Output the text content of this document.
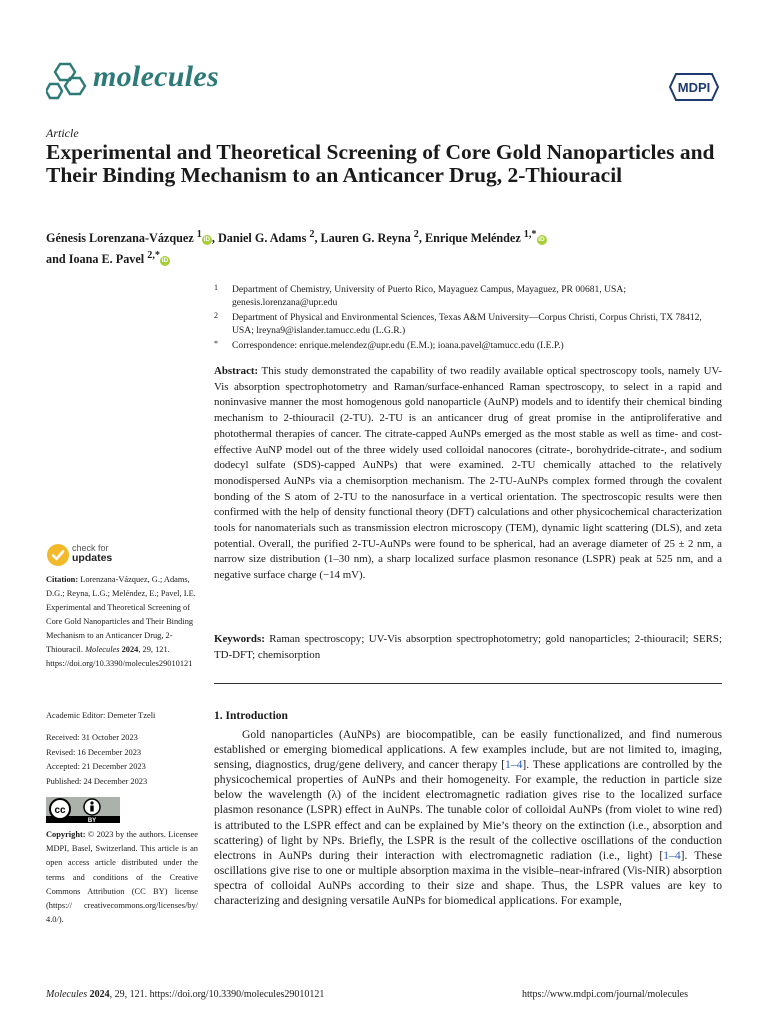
molecules	MDPI
Article
Experimental and Theoretical Screening of Core Gold Nanoparticles and Their Binding Mechanism to an Anticancer Drug, 2-Thiouracil
Génesis Lorenzana-Vázquez $^1$ iD , Daniel G. Adams $^2$, Lauren G. Reyna $^2$, Enrique Meléndez $^{1,*}$ iD
and Ioana E. Pavel $^{2,*}$ iD
1 Department of Chemistry, University of Puerto Rico, Mayaguez Campus, Mayaguez, PR 00681, USA; genesis.lorenzana@upr.edu
2 Department of Physical and Environmental Sciences, Texas A&M University—Corpus Christi, Corpus Christi, TX 78412, USA; lreyna9@islander.tamucc.edu (L.G.R.)
* Correspondence: enrique.melendez@upr.edu (E.M.); ioana.pavel@tamucc.edu (I.E.P.)
Abstract: This study demonstrated the capability of two readily available optical spectroscopy tools, namely UV-Vis absorption spectrophotometry and Raman/surface-enhanced Raman spectroscopy, to select in a rapid and noninvasive manner the most homogenous gold nanoparticle (AuNP) models and to identify their chemical binding mechanism to 2-thiouracil (2-TU). 2-TU is an anticancer drug of great promise in the antiproliferative and photothermal therapies of cancer. The citrate-capped AuNPs emerged as the most stable as well as time- and cost-effective AuNP model out of the three widely used colloidal nanocores (citrate-, borohydride-citrate-, and sodium dodecyl sulfate (SDS)-capped AuNPs) that were examined. 2-TU chemically attached to the relatively monodispersed AuNPs via a chemisorption mechanism. The 2-TU-AuNPs complex formed through the covalent bonding of the S atom of 2-TU to the nanosurface in a vertical orientation. The spectroscopic results were then confirmed with the help of density functional theory (DFT) calculations and other physicochemical characterization tools for nanomaterials such as transmission electron microscopy (TEM), dynamic light scattering (DLS), and zeta potential. Overall, the purified 2-TU-AuNPs were found to be spherical, had an average diameter of 25 ± 2 nm, a narrow size distribution (1–30 nm), a sharp localized surface plasmon resonance (LSPR) peak at 525 nm, and a negative surface charge (−14 mV).
Keywords: Raman spectroscopy; UV-Vis absorption spectrophotometry; gold nanoparticles; 2-thiouracil; SERS; TD-DFT; chemisorption
1. Introduction
Gold nanoparticles (AuNPs) are biocompatible, can be easily functionalized, and find numerous established or emerging biomedical applications. A few examples include, but are not limited to, imaging, sensing, diagnostics, drug/gene delivery, and cancer therapy [1–4]. These applications are controlled by the physicochemical properties of AuNPs and their homogeneity. For example, the reduction in particle size below the wavelength (λ) of the incident electromagnetic radiation gives rise to the localized surface plasmon resonance (LSPR) effect in AuNPs. The tunable color of colloidal AuNPs (from violet to wine red) is attributed to the LSPR effect and can be explained by Mie’s theory on the extinction (i.e., absorption and scattering) of light by NPs. Briefly, the LSPR is the result of the collective oscillations of the conduction electrons in AuNPs during their interaction with electromagnetic radiation (i.e., light) [1–4]. These oscillations give rise to one or multiple absorption maxima in the visible–near-infrared (Vis-NIR) absorption spectra of colloidal AuNPs according to their size and shape. Thus, the LSPR values are key to characterizing and designing versatile AuNPs for biomedical applications. For example,
check for
updates
Citation: Lorenzana-Vázquez, G.; Adams, D.G.; Reyna, L.G.; Meléndez, E.; Pavel, I.E. Experimental and Theoretical Screening of Core Gold Nanoparticles and Their Binding Mechanism to an Anticancer Drug, 2-Thiouracil. Molecules 2024, 29, 121. https://doi.org/10.3390/molecules29010121
Academic Editor: Demeter Tzeli
Received: 31 October 2023
Revised: 16 December 2023
Accepted: 21 December 2023
Published: 24 December 2023
cc
BY
Copyright: © 2023 by the authors. Licensee MDPI, Basel, Switzerland. This article is an open access article distributed under the terms and conditions of the Creative Commons Attribution (CC BY) license (https:// creativecommons.org/licenses/by/ 4.0/).
Molecules 2024, 29, 121. https://doi.org/10.3390/molecules29010121	https://www.mdpi.com/journal/molecules
